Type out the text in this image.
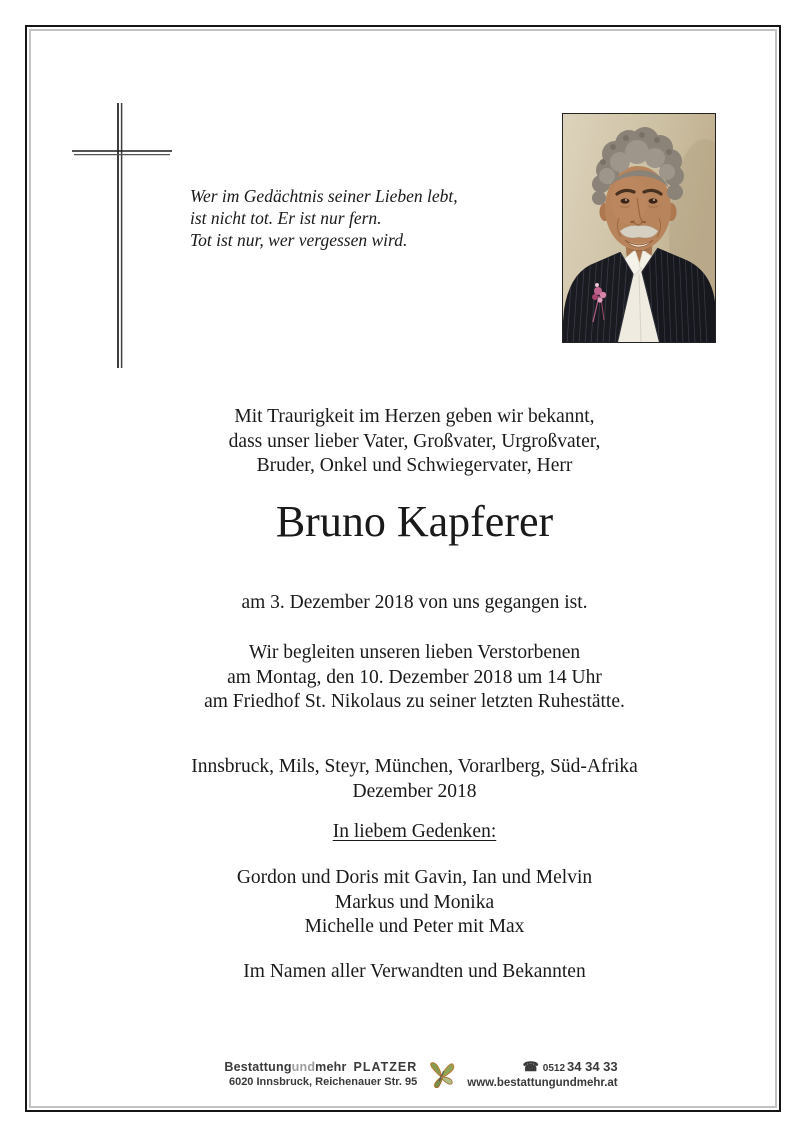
Wer im Gedächtnis seiner Lieben lebt,
ist nicht tot. Er ist nur fern.
Tot ist nur, wer vergessen wird.
Mit Traurigkeit im Herzen geben wir bekannt,
dass unser lieber Vater, Großvater, Urgroßvater,
Bruder, Onkel und Schwiegervater, Herr
Bruno Kapferer
am 3. Dezember 2018 von uns gegangen ist.
Wir begleiten unseren lieben Verstorbenen
am Montag, den 10. Dezember 2018 um 14 Uhr
am Friedhof St. Nikolaus zu seiner letzten Ruhestätte.
Innsbruck, Mils, Steyr, München, Vorarlberg, Süd-Afrika
Dezember 2018
In liebem Gedenken:
Gordon und Doris mit Gavin, Ian und Melvin
Markus und Monika
Michelle und Peter mit Max
Im Namen aller Verwandten und Bekannten
Bestattungundmehr PLATZER
6020 Innsbruck, Reichenauer Str. 95
☎ 0512 34 34 33
www.bestattungundmehr.at
